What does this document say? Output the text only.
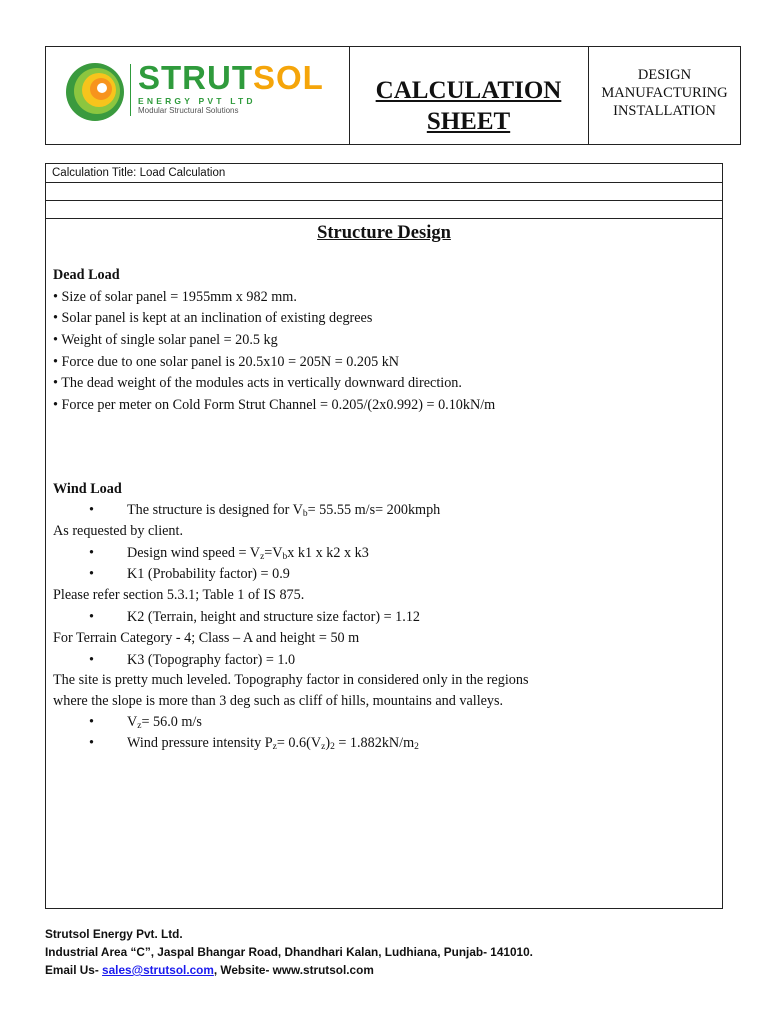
STRUTSOL
ENERGY PVT LTD
Modular Structural Solutions
CALCULATION
SHEET
DESIGN
MANUFACTURING
INSTALLATION
Calculation Title: Load Calculation
Structure Design
Dead Load
• Size of solar panel = 1955mm x 982 mm.
• Solar panel is kept at an inclination of existing degrees
• Weight of single solar panel = 20.5 kg
• Force due to one solar panel is 20.5x10 = 205N = 0.205 kN
• The dead weight of the modules acts in vertically downward direction.
• Force per meter on Cold Form Strut Channel = 0.205/(2x0.992) = 0.10kN/m
Wind Load
• The structure is designed for $V_b= 55.55$ m/s= 200kmph
As requested by client.
• Design wind speed = $V_z=V_bx$ k1 x k2 x k3
• K1 (Probability factor) = 0.9
Please refer section 5.3.1; Table 1 of IS 875.
• K2 (Terrain, height and structure size factor) = 1.12
For Terrain Category - 4; Class – A and height = 50 m
• K3 (Topography factor) = 1.0
The site is pretty much leveled. Topography factor in considered only in the regions
where the slope is more than 3 deg such as cliff of hills, mountains and valleys.
• $V_z= 56.0$ m/s
• Wind pressure intensity $P_z= 0.6(V_z)_2 = 1.882kN/m_2$
Strutsol Energy Pvt. Ltd.
Industrial Area “C”, Jaspal Bhangar Road, Dhandhari Kalan, Ludhiana, Punjab- 141010.
Email Us- sales@strutsol.com, Website- www.strutsol.com
